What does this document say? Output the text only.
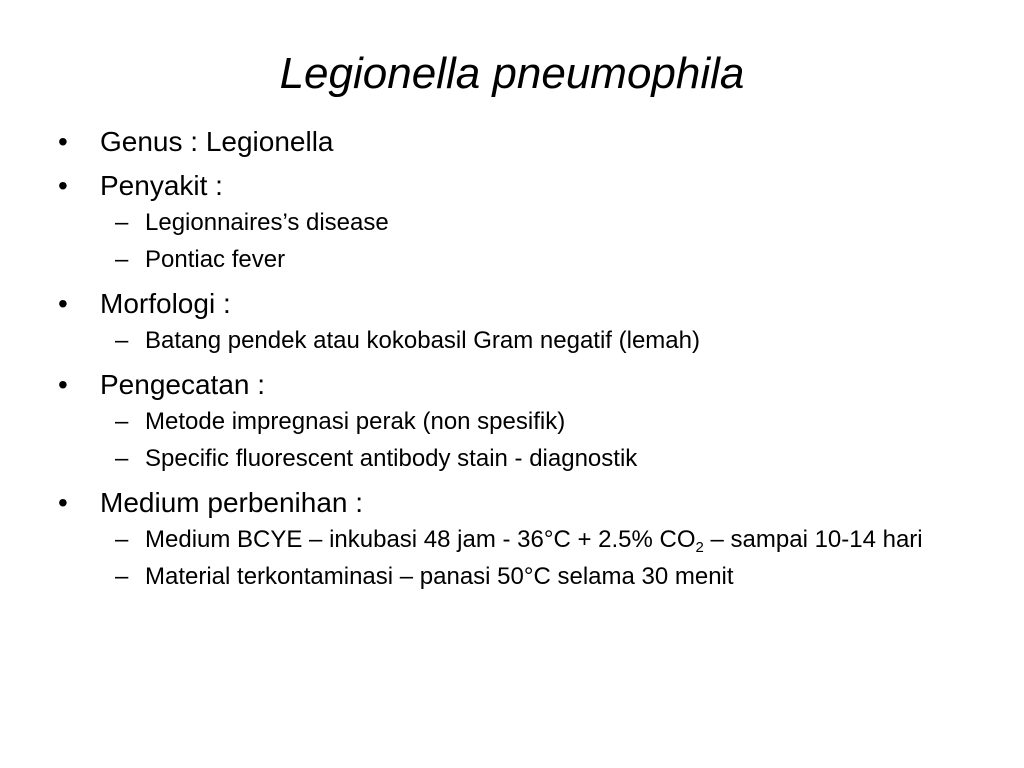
Legionella pneumophila
•	Genus : Legionella
•	Penyakit :
– Legionnaires’s disease
– Pontiac fever
•	Morfologi :
– Batang pendek atau kokobasil Gram negatif (lemah)
•	Pengecatan :
– Metode impregnasi perak (non spesifik)
– Specific fluorescent antibody stain - diagnostik
•	Medium perbenihan :
– Medium BCYE – inkubasi 48 jam - 36°C + 2.5% $CO_2$ – sampai 10-14 hari
– Material terkontaminasi – panasi 50°C selama 30 menit
